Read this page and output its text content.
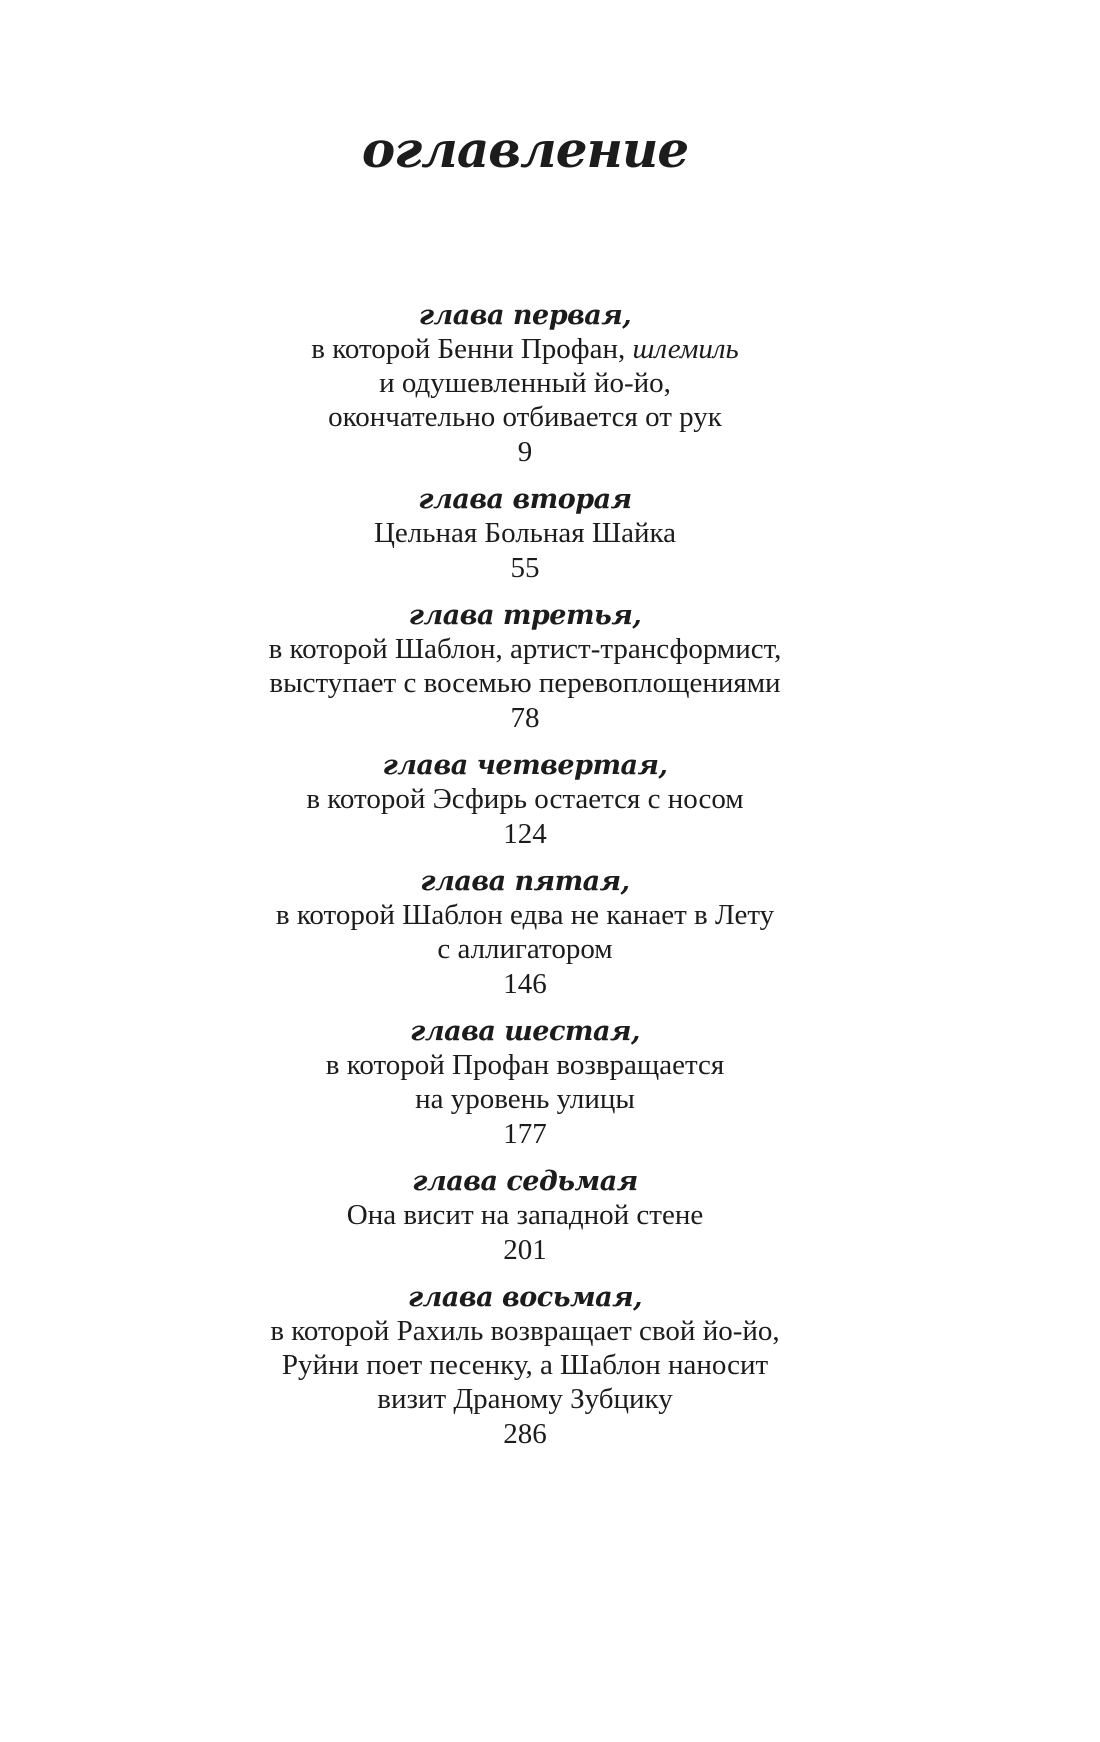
оглавление
глава первая,
в которой Бенни Профан, шлемиль
и одушевленный йо-йо,
окончательно отбивается от рук
9
глава вторая
Цельная Больная Шайка
55
глава третья,
в которой Шаблон, артист-трансформист,
выступает с восемью перевоплощениями
78
глава четвертая,
в которой Эсфирь остается с носом
124
глава пятая,
в которой Шаблон едва не канает в Лету
с аллигатором
146
глава шестая,
в которой Профан возвращается
на уровень улицы
177
глава седьмая
Она висит на западной стене
201
глава восьмая,
в которой Рахиль возвращает свой йо-йо,
Руйни поет песенку, а Шаблон наносит
визит Драному Зубцику
286
